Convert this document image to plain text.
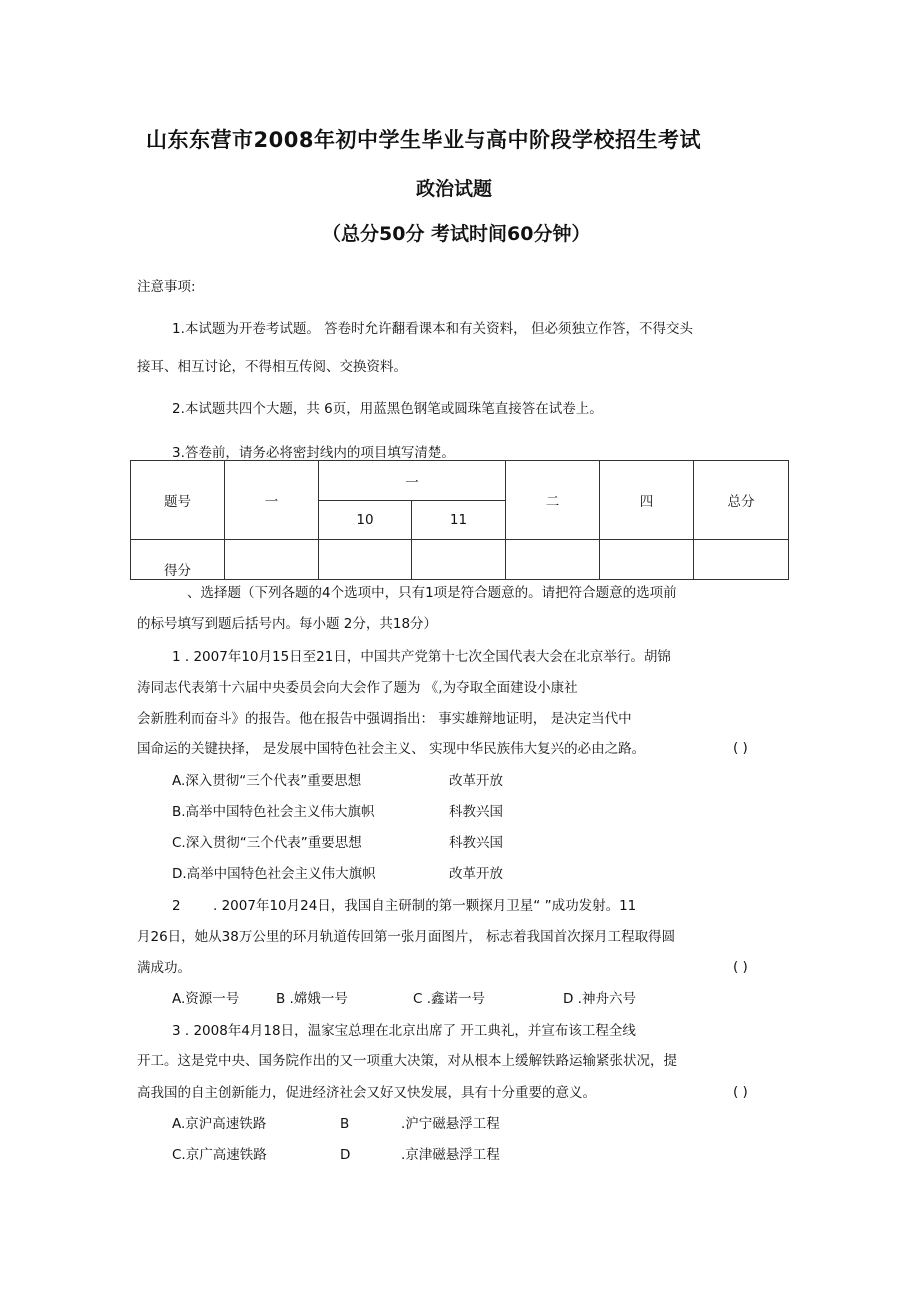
山东东营市2008年初中学生毕业与高中阶段学校招生考试
政治试题
（总分50分 考试时间60分钟）
注意事项:
1.本试题为开卷考试题。 答卷时允许翻看课本和有关资料， 但必须独立作答，不得交头
接耳、相互讨论，不得相互传阅、交换资料。
2.本试题共四个大题，共 6页，用蓝黑色钢笔或圆珠笔直接答在试卷上。
3.答卷前，请务必将密封线内的项目填写清楚。
题号	一	一		二	四	总分
		10	11			
得分						
、选择题（下列各题的4个选项中，只有1项是符合题意的。请把符合题意的选项前
的标号填写到题后括号内。每小题 2分，共18分）
1 . 2007年10月15日至21日，中国共产党第十七次全国代表大会在北京举行。胡锦
涛同志代表第十六届中央委员会向大会作了题为 《,为夺取全面建设小康社
会新胜利而奋斗》的报告。他在报告中强调指出： 事实雄辩地证明， 是决定当代中
国命运的关键抉择， 是发展中国特色社会主义、 实现中华民族伟大复兴的必由之路。	( )
A.深入贯彻“三个代表”重要思想	改革开放
B.高举中国特色社会主义伟大旗帜	科教兴国
C.深入贯彻“三个代表”重要思想	科教兴国
D.高举中国特色社会主义伟大旗帜	改革开放
2 . 2007年10月24日，我国自主研制的第一颗探月卫星“ ”成功发射。11
月26日，她从38万公里的环月轨道传回第一张月面图片， 标志着我国首次探月工程取得圆
满成功。	( )
A.资源一号	B .嫦娥一号	C .鑫诺一号	D .神舟六号
3 . 2008年4月18日，温家宝总理在北京出席了 开工典礼，并宣布该工程全线
开工。这是党中央、国务院作出的又一项重大决策，对从根本上缓解铁路运输紧张状况，提
高我国的自主创新能力，促进经济社会又好又快发展，具有十分重要的意义。	( )
A.京沪高速铁路	B	.沪宁磁悬浮工程
C.京广高速铁路	D	.京津磁悬浮工程
